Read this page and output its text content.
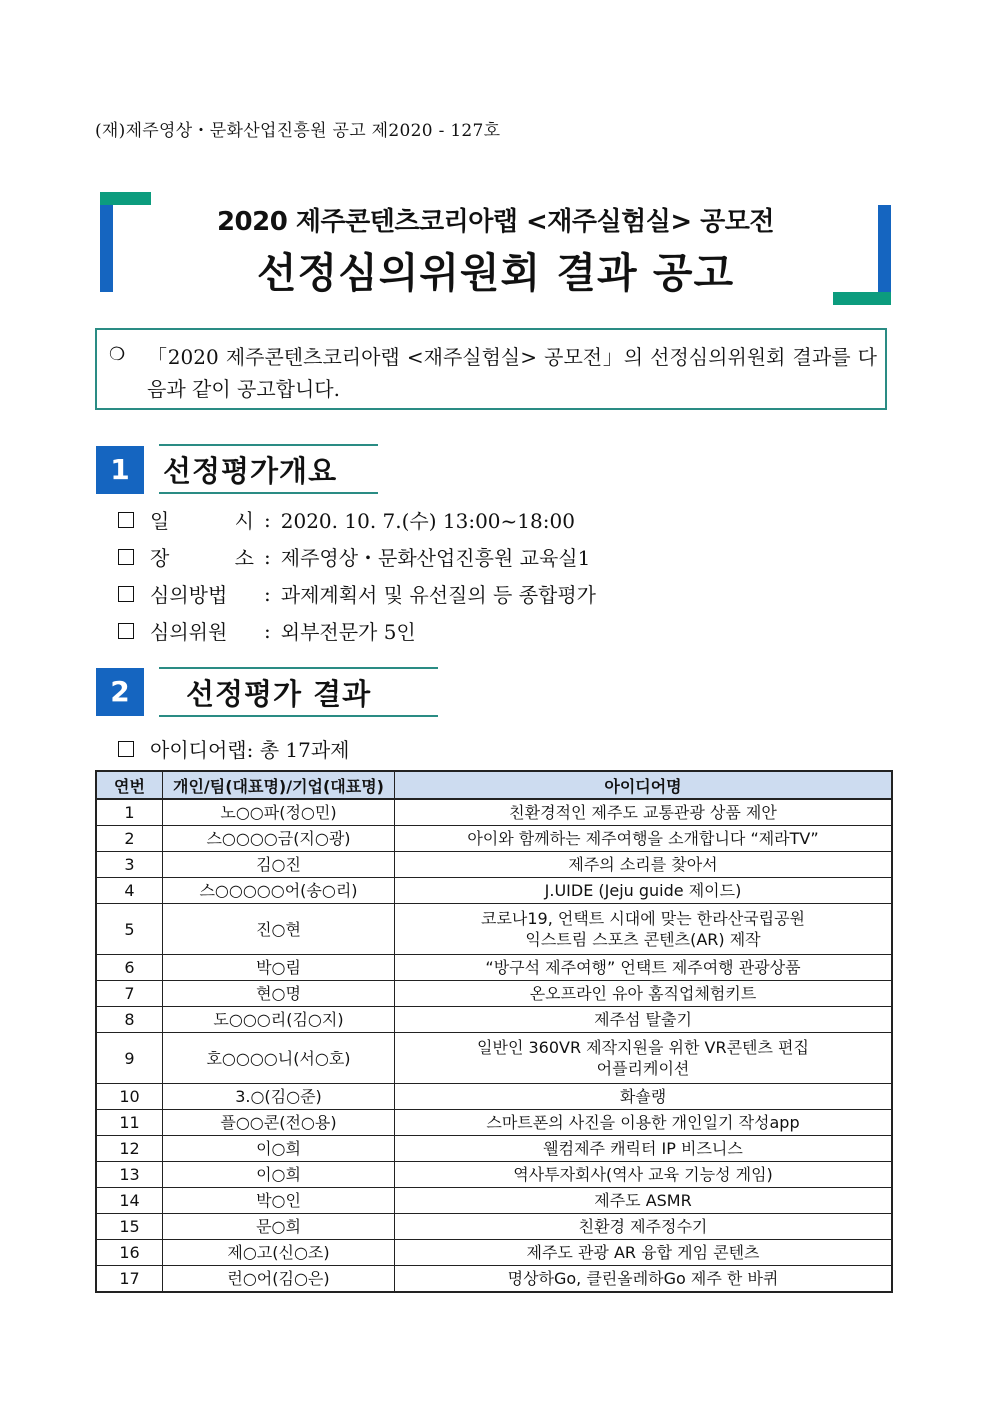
(재)제주영상・문화산업진흥원 공고 제2020 - 127호
2020 제주콘텐츠코리아랩 <재주실험실> 공모전
선정심의위원회 결과 공고
❍ 「2020 제주콘텐츠코리아랩 <재주실험실> 공모전」의 선정심의위원회 결과를 다음과 같이 공고합니다.
1	선정평가개요
일 시 : 2020. 10. 7.(수) 13:00~18:00
장 소 : 제주영상・문화산업진흥원 교육실1
심의방법	: 과제계획서 및 유선질의 등 종합평가
심의위원	: 외부전문가 5인
2	선정평가 결과
아이디어랩: 총 17과제
연번	개인/팀(대표명)/기업(대표명)	아이디어명
1	노○○파(정○민)	친환경적인 제주도 교통관광 상품 제안
2	스○○○○금(지○광)	아이와 함께하는 제주여행을 소개합니다 “제라TV”
3	김○진	제주의 소리를 찾아서
4	스○○○○○어(송○리)	J.UIDE (Jeju guide 제이드)
5	진○현	코로나19, 언택트 시대에 맞는 한라산국립공원
익스트림 스포츠 콘텐츠(AR) 제작

6	박○림	“방구석 제주여행” 언택트 제주여행 관광상품
7	현○명	온오프라인 유아 홈직업체험키트
8	도○○○리(김○지)	제주섬 탈출기
9	호○○○○니(서○호)	일반인 360VR 제작지원을 위한 VR콘텐츠 편집
어플리케이션

10	3.○(김○준)	화숄랭
11	플○○콘(전○용)	스마트폰의 사진을 이용한 개인일기 작성app
12	이○희	웰컴제주 캐릭터 IP 비즈니스
13	이○희	역사투자회사(역사 교육 기능성 게임)
14	박○인	제주도 ASMR
15	문○희	친환경 제주정수기
16	제○고(신○조)	제주도 관광 AR 융합 게임 콘텐츠
17	런○어(김○은)	명상하Go, 클린올레하Go 제주 한 바퀴
